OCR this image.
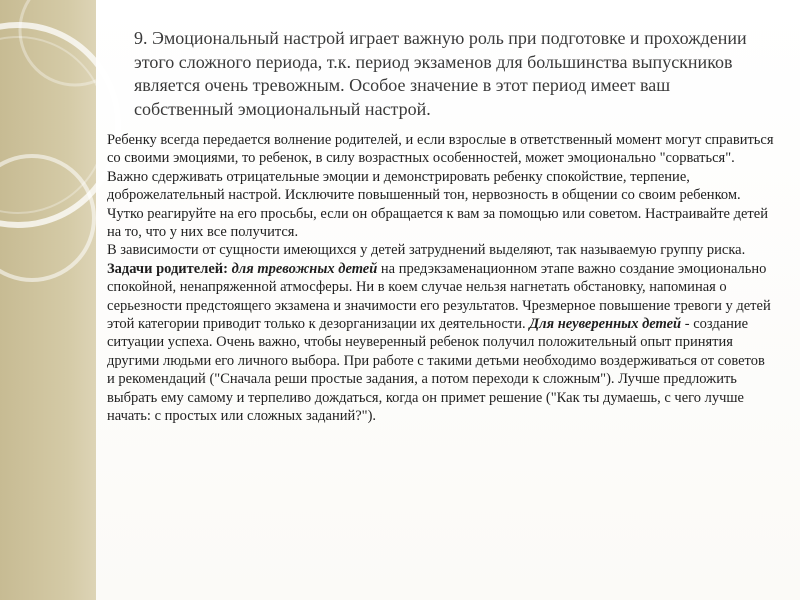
9. Эмоциональный настрой играет важную роль при подготовке и прохождении этого сложного периода, т.к. период экзаменов для большинства выпускников является очень тревожным. Особое значение в этот период имеет ваш собственный эмоциональный настрой.

Ребенку всегда передается волнение родителей, и если взрослые в ответственный момент могут справиться со своими эмоциями, то ребенок, в силу возрастных особенностей, может эмоционально "сорваться".

Важно сдерживать отрицательные эмоции и демонстрировать ребенку спокойствие, терпение, доброжелательный настрой. Исключите повышенный тон, нервозность в общении со своим ребенком. Чутко реагируйте на его просьбы, если он обращается к вам за помощью или советом. Настраивайте детей на то, что у них все получится.

В зависимости от сущности имеющихся у детей затруднений выделяют, так называемую группу риска.

Задачи родителей: для тревожных детей на предэкзаменационном этапе важно создание эмоционально спокойной, ненапряженной атмосферы. Ни в коем случае нельзя нагнетать обстановку, напоминая о серьезности предстоящего экзамена и значимости его результатов. Чрезмерное повышение тревоги у детей этой категории приводит только к дезорганизации их деятельности. Для неуверенных детей - создание ситуации успеха. Очень важно, чтобы неуверенный ребенок получил положительный опыт принятия другими людьми его личного выбора. При работе с такими детьми необходимо воздерживаться от советов и рекомендаций ("Сначала реши простые задания, а потом переходи к сложным"). Лучше предложить выбрать ему самому и терпеливо дождаться, когда он примет решение ("Как ты думаешь, с чего лучше начать: с простых или сложных заданий?").
